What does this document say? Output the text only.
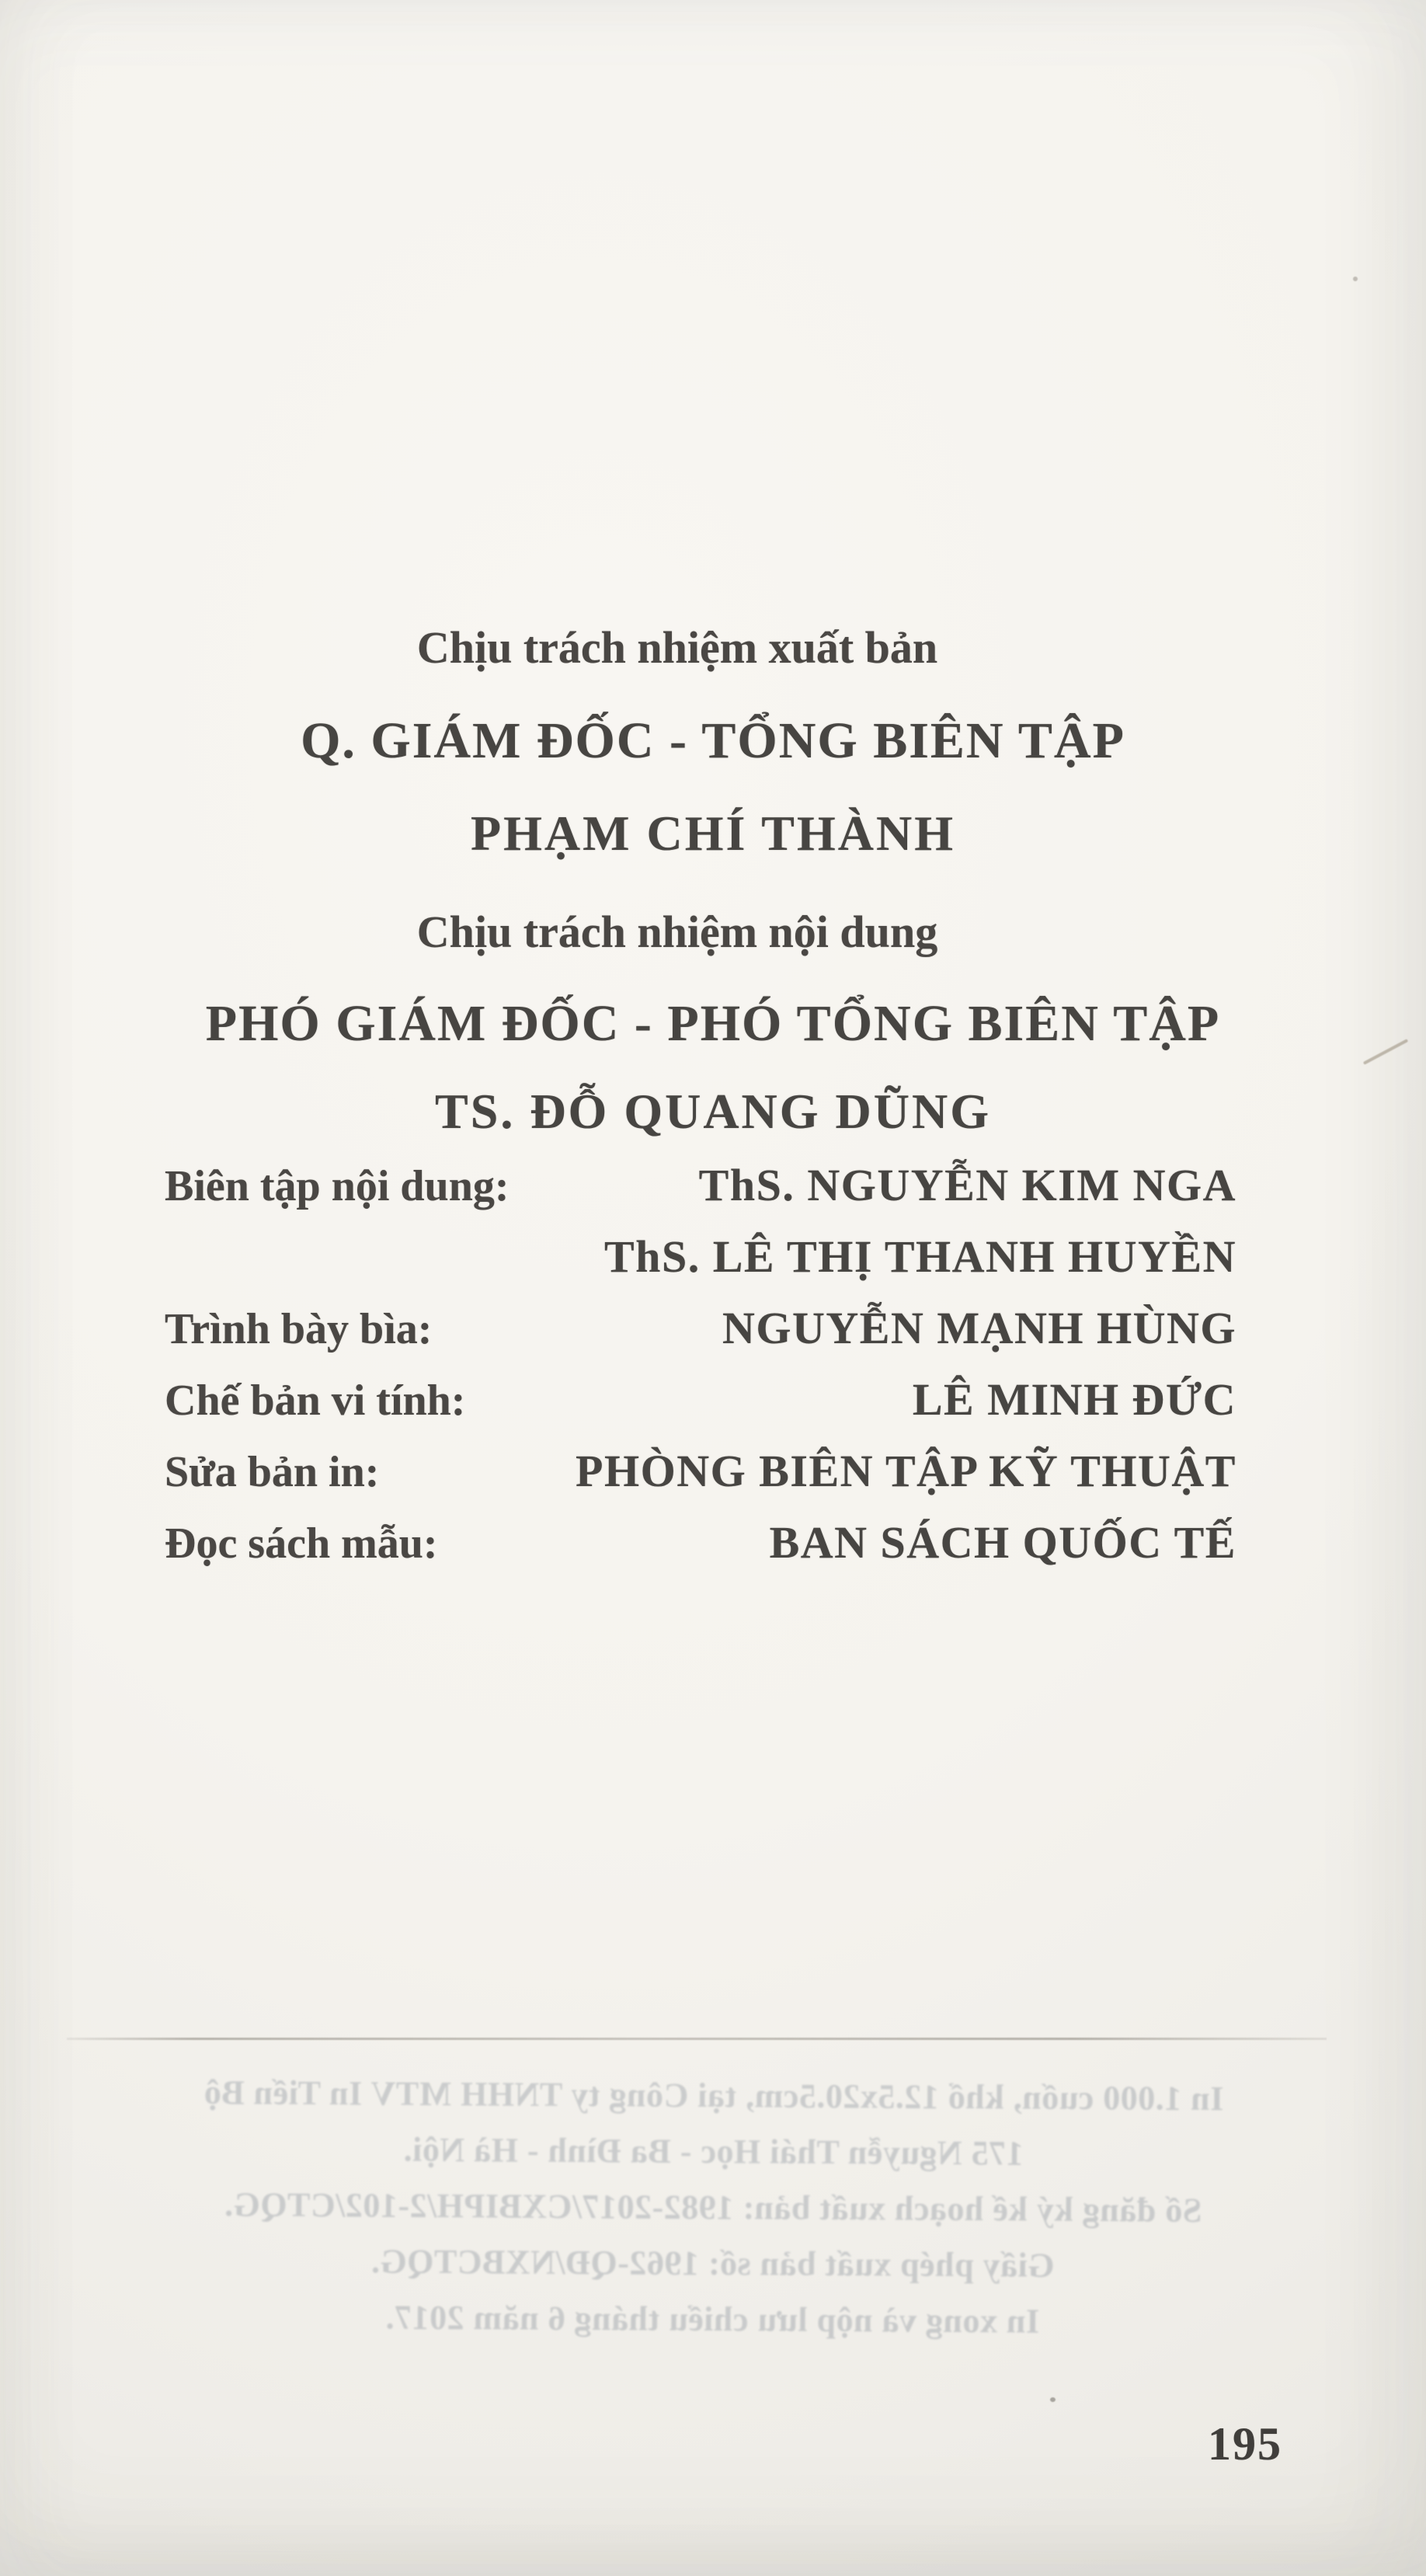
Chịu trách nhiệm xuất bản
Q. GIÁM ĐỐC - TỔNG BIÊN TẬP
PHẠM CHÍ THÀNH
Chịu trách nhiệm nội dung
PHÓ GIÁM ĐỐC - PHÓ TỔNG BIÊN TẬP
TS. ĐỖ QUANG DŨNG
Biên tập nội dung:	ThS. NGUYỄN KIM NGA
ThS. LÊ THỊ THANH HUYỀN
Trình bày bìa:	NGUYỄN MẠNH HÙNG
Chế bản vi tính:	LÊ MINH ĐỨC
Sửa bản in:	PHÒNG BIÊN TẬP KỸ THUẬT
Đọc sách mẫu:	BAN SÁCH QUỐC TẾ
In 1.000 cuốn, khổ 12.5x20.5cm, tại Công ty TNHH MTV In Tiến Bộ
175 Nguyễn Thái Học - Ba Đình - Hà Nội.
Số đăng ký kế hoạch xuất bản: 1982-2017/CXBIPH/2-102/CTQG.
Giấy phép xuất bản số: 1962-QĐ/NXBCTQG.
In xong và nộp lưu chiểu tháng 6 năm 2017.
195
